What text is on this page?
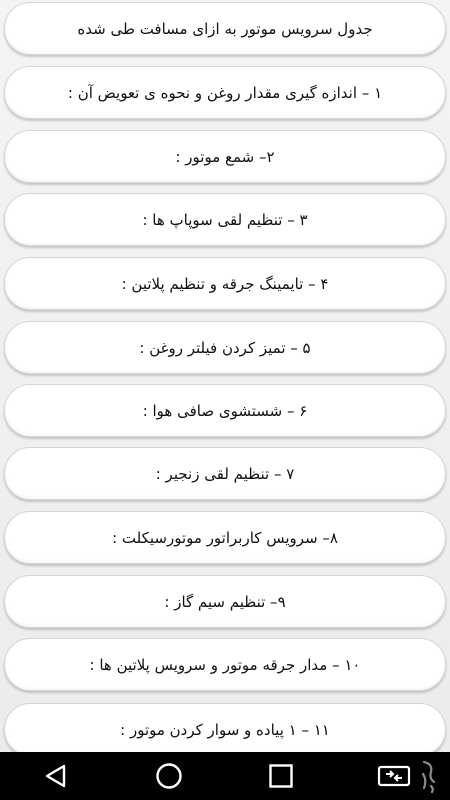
جدول سرویس موتور به ازای مسافت طی شده
۱ – اندازه گیری مقدار روغن و نحوه ی تعویض آن :
۲– شمع موتور :
۳ – تنظیم لقی سوپاپ ها :
۴ – تایمینگ جرقه و تنظیم پلاتین :
۵ – تمیز کردن فیلتر روغن :
۶ – شستشوی صافی هوا :
۷ – تنظیم لقی زنجیر :
۸– سرویس کاربراتور موتورسیکلت :
۹– تنظیم سیم گاز :
۱۰ – مدار جرقه موتور و سرویس پلاتین ها :
۱۱ – ۱ پیاده و سوار کردن موتور :
